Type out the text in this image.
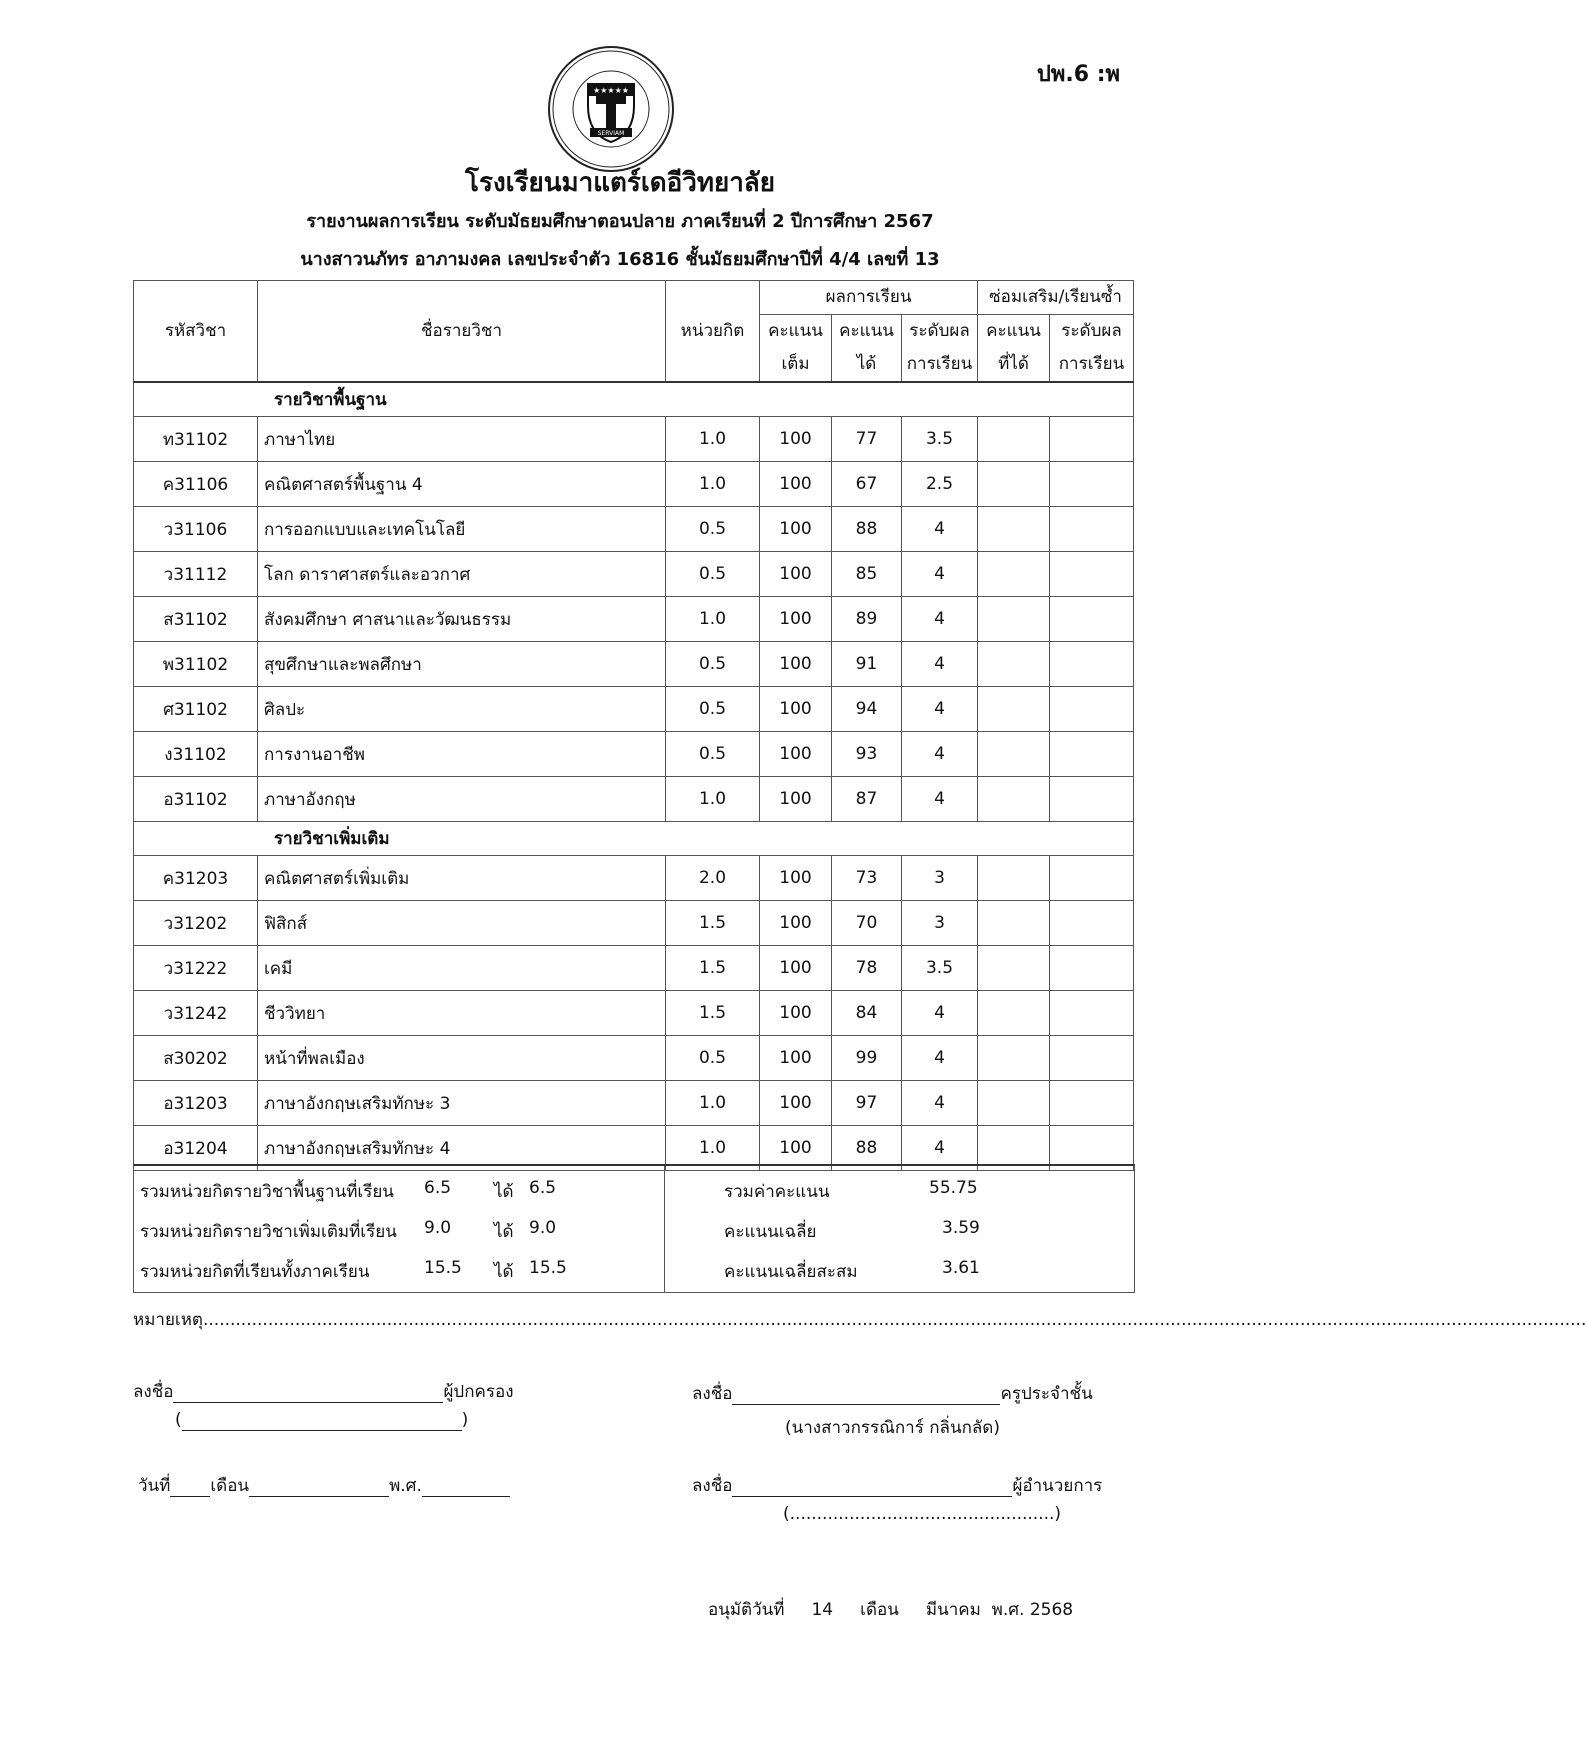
ปพ.6 :พ
★★★★★
SERVIAM
โรงเรียนมาแตร์เดอีวิทยาลัย
รายงานผลการเรียน ระดับมัธยมศึกษาตอนปลาย ภาคเรียนที่ 2 ปีการศึกษา 2567
นางสาวนภัทร อาภามงคล เลขประจำตัว 16816 ชั้นมัธยมศึกษาปีที่ 4/4 เลขที่ 13
รหัสวิชา	ชื่อรายวิชา	หน่วยกิต	ผลการเรียน			ซ่อมเสริม/เรียนซ้ำ	
			คะแนน	คะแนน	ระดับผล	คะแนน	ระดับผล
			เต็ม	ได้	การเรียน	ที่ได้	การเรียน
รายวิชาพื้นฐาน							
ท31102	ภาษาไทย	1.0	100	77	3.5		
ค31106	คณิตศาสตร์พื้นฐาน 4	1.0	100	67	2.5		
ว31106	การออกแบบและเทคโนโลยี	0.5	100	88	4		
ว31112	โลก ดาราศาสตร์และอวกาศ	0.5	100	85	4		
ส31102	สังคมศึกษา ศาสนาและวัฒนธรรม	1.0	100	89	4		
พ31102	สุขศึกษาและพลศึกษา	0.5	100	91	4		
ศ31102	ศิลปะ	0.5	100	94	4		
ง31102	การงานอาชีพ	0.5	100	93	4		
อ31102	ภาษาอังกฤษ	1.0	100	87	4		
รายวิชาเพิ่มเติม							
ค31203	คณิตศาสตร์เพิ่มเติม	2.0	100	73	3		
ว31202	ฟิสิกส์	1.5	100	70	3		
ว31222	เคมี	1.5	100	78	3.5		
ว31242	ชีววิทยา	1.5	100	84	4		
ส30202	หน้าที่พลเมือง	0.5	100	99	4		
อ31203	ภาษาอังกฤษเสริมทักษะ 3	1.0	100	97	4		
อ31204	ภาษาอังกฤษเสริมทักษะ 4	1.0	100	88	4		
รวมหน่วยกิตรายวิชาพื้นฐานที่เรียน 6.5	ได้ 6.5
รวมหน่วยกิตรายวิชาเพิ่มเติมที่เรียน 9.0	ได้ 9.0
รวมหน่วยกิตที่เรียนทั้งภาคเรียน	15.5 ได้ 15.5
รวมค่าคะแนน	55.75
คะแนนเฉลี่ย	3.59
คะแนนเฉลี่ยสะสม	3.61
หมายเหตุ................................................................................................................................................................................................................................................................
ลงชื่อ	ผู้ปกครอง
(	)
ลงชื่อ	ครูประจำชั้น
(นางสาวกรรณิการ์ กลิ่นกลัด)
วันที่ เดือน	พ.ศ.	ลงชื่อ	ผู้อำนวยการ
(.................................................)
อนุมัติวันที่ 14 เดือน มีนาคม พ.ศ. 2568
